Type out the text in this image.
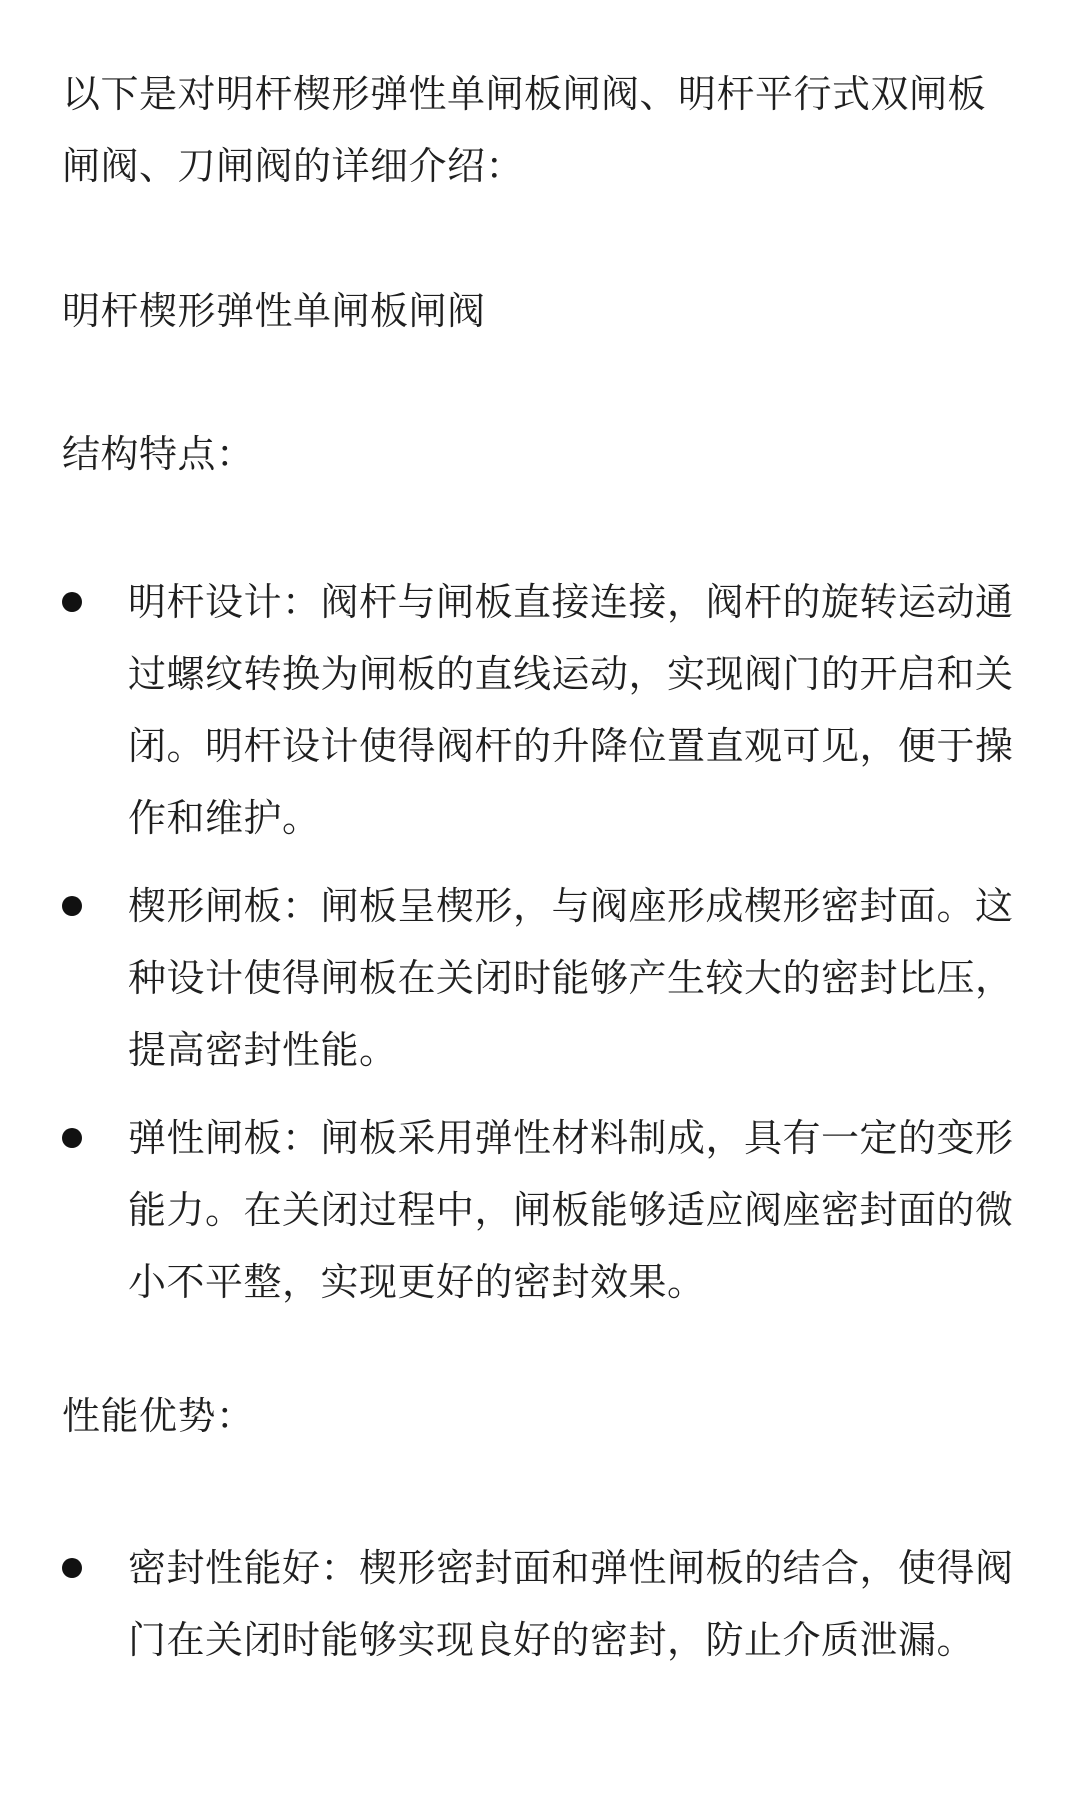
以下是对明杆楔形弹性单闸板闸阀、明杆平行式双闸板闸阀、刀闸阀的详细介绍：

明杆楔形弹性单闸板闸阀

结构特点：

明杆设计：阀杆与闸板直接连接，阀杆的旋转运动通过螺纹转换为闸板的直线运动，实现阀门的开启和关闭。明杆设计使得阀杆的升降位置直观可见，便于操作和维护。
楔形闸板：闸板呈楔形，与阀座形成楔形密封面。这种设计使得闸板在关闭时能够产生较大的密封比压，提高密封性能。
弹性闸板：闸板采用弹性材料制成，具有一定的变形能力。在关闭过程中，闸板能够适应阀座密封面的微小不平整，实现更好的密封效果。

性能优势：

密封性能好：楔形密封面和弹性闸板的结合，使得阀门在关闭时能够实现良好的密封，防止介质泄漏。
